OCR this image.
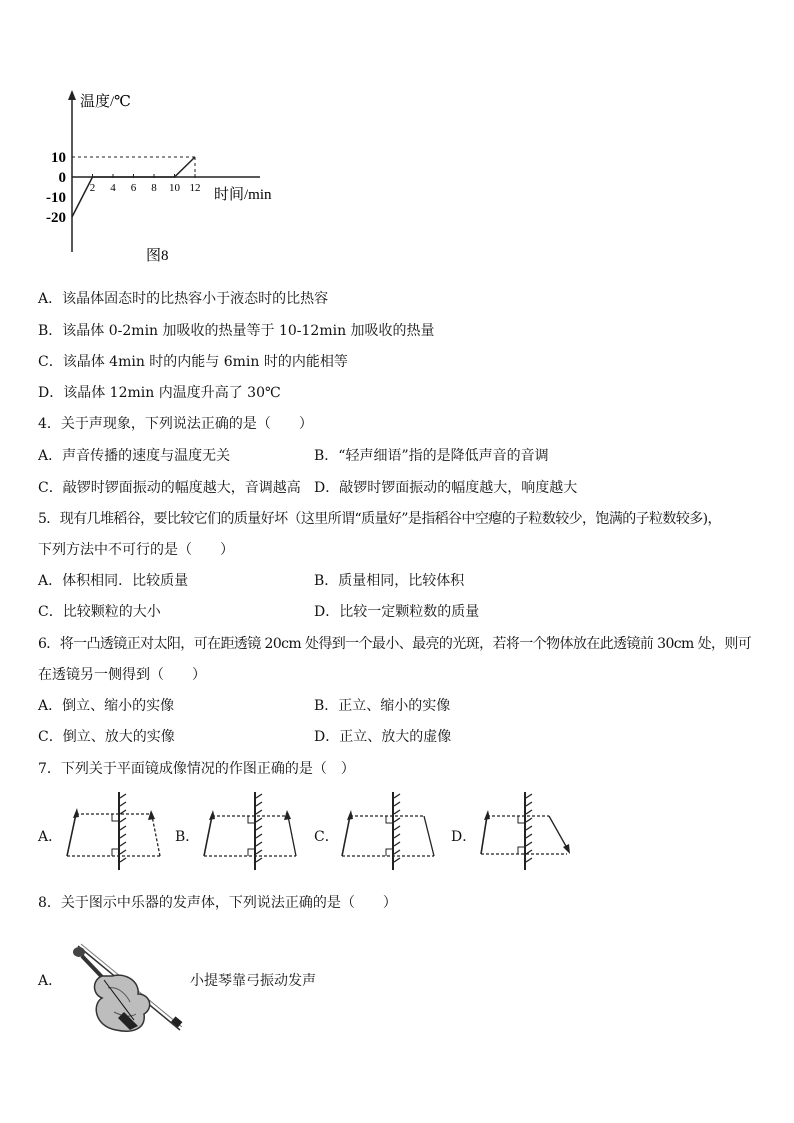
10
0
-10
-20
2 4 6 8 10 12
温度/℃
时间/min
图8
A．该晶体固态时的比热容小于液态时的比热容
B．该晶体 0-2min 加吸收的热量等于 10-12min 加吸收的热量
C．该晶体 4min 时的内能与 6min 时的内能相等
D．该晶体 12min 内温度升高了 30℃
4．关于声现象，下列说法正确的是（　　）
A．声音传播的速度与温度无关	B．“轻声细语”指的是降低声音的音调
C．敲锣时锣面振动的幅度越大，音调越高 D．敲锣时锣面振动的幅度越大，响度越大
5．现有几堆稻谷，要比较它们的质量好坏（这里所谓“质量好”是指稻谷中空瘪的子粒数较少，饱满的子粒数较多)，
下列方法中不可行的是（　　）
A．体积相同．比较质量	B．质量相同，比较体积
C．比较颗粒的大小	D．比较一定颗粒数的质量
6．将一凸透镜正对太阳，可在距透镜 20cm 处得到一个最小、最亮的光斑，若将一个物体放在此透镜前 30cm 处，则可
在透镜另一侧得到（　　）
A．倒立、缩小的实像	B．正立、缩小的实像
C．倒立、放大的实像	D．正立、放大的虚像
7．下列关于平面镜成像情况的作图正确的是（　）
A．	B．	C．	D．
8．关于图示中乐器的发声体，下列说法正确的是（　　）
A．	小提琴靠弓振动发声
